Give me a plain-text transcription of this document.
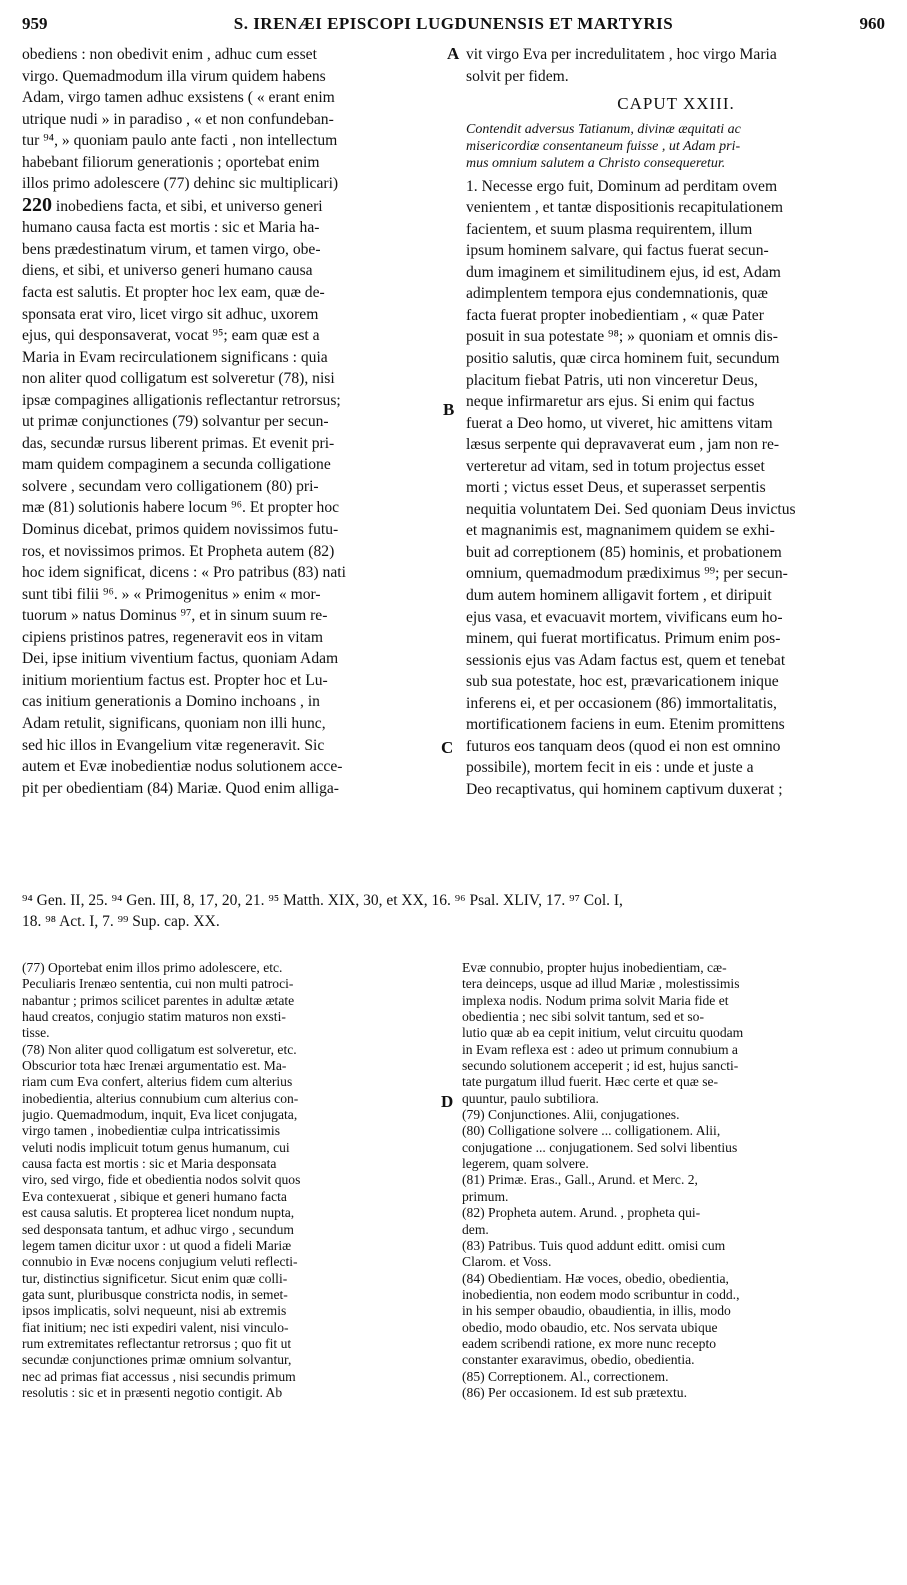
959	S. IRENÆI EPISCOPI LUGDUNENSIS ET MARTYRIS	960
obediens : non obedivit enim , adhuc cum esset
virgo. Quemadmodum illa virum quidem habens
Adam, virgo tamen adhuc exsistens ( « erant enim
utrique nudi » in paradiso , « et non confundeban-
tur ⁹⁴, » quoniam paulo ante facti , non intellectum
habebant filiorum generationis ; oportebat enim
illos primo adolescere (77) dehinc sic multiplicari)
220 inobediens facta, et sibi, et universo generi
humano causa facta est mortis : sic et Maria ha-
bens prædestinatum virum, et tamen virgo, obe-
diens, et sibi, et universo generi humano causa
facta est salutis. Et propter hoc lex eam, quæ de-
sponsata erat viro, licet virgo sit adhuc, uxorem
ejus, qui desponsaverat, vocat ⁹⁵; eam quæ est a
Maria in Evam recirculationem significans : quia
non aliter quod colligatum est solveretur (78), nisi
ipsæ compagines alligationis reflectantur retrorsus;
ut primæ conjunctiones (79) solvantur per secun-
das, secundæ rursus liberent primas. Et evenit pri-
mam quidem compaginem a secunda colligatione
solvere , secundam vero colligationem (80) pri-
mæ (81) solutionis habere locum ⁹⁶. Et propter hoc
Dominus dicebat, primos quidem novissimos futu-
ros, et novissimos primos. Et Propheta autem (82)
hoc idem significat, dicens : « Pro patribus (83) nati
sunt tibi filii ⁹⁶. » « Primogenitus » enim « mor-
tuorum » natus Dominus ⁹⁷, et in sinum suum re-
cipiens pristinos patres, regeneravit eos in vitam
Dei, ipse initium viventium factus, quoniam Adam
initium morientium factus est. Propter hoc et Lu-
cas initium generationis a Domino inchoans , in
Adam retulit, significans, quoniam non illi hunc,
sed hic illos in Evangelium vitæ regeneravit. Sic
autem et Evæ inobedientiæ nodus solutionem acce-
pit per obedientiam (84) Mariæ. Quod enim alliga-
vit virgo Eva per incredulitatem , hoc virgo Maria
solvit per fidem.
CAPUT XXIII.
Contendit adversus Tatianum, divinæ æquitati ac
misericordiæ consentaneum fuisse , ut Adam pri-
mus omnium salutem a Christo consequeretur.
1. Necesse ergo fuit, Dominum ad perditam ovem
venientem , et tantæ dispositionis recapitulationem
facientem, et suum plasma requirentem, illum
ipsum hominem salvare, qui factus fuerat secun-
dum imaginem et similitudinem ejus, id est, Adam
adimplentem tempora ejus condemnationis, quæ
facta fuerat propter inobedientiam , « quæ Pater
posuit in sua potestate ⁹⁸; » quoniam et omnis dis-
positio salutis, quæ circa hominem fuit, secundum
placitum fiebat Patris, uti non vinceretur Deus,
neque infirmaretur ars ejus. Si enim qui factus
fuerat a Deo homo, ut viveret, hic amittens vitam
læsus serpente qui depravaverat eum , jam non re-
verteretur ad vitam, sed in totum projectus esset
morti ; victus esset Deus, et superasset serpentis
nequitia voluntatem Dei. Sed quoniam Deus invictus
et magnanimis est, magnanimem quidem se exhi-
buit ad correptionem (85) hominis, et probationem
omnium, quemadmodum prædiximus ⁹⁹; per secun-
dum autem hominem alligavit fortem , et diripuit
ejus vasa, et evacuavit mortem, vivificans eum ho-
minem, qui fuerat mortificatus. Primum enim pos-
sessionis ejus vas Adam factus est, quem et tenebat
sub sua potestate, hoc est, prævaricationem inique
inferens ei, et per occasionem (86) immortalitatis,
mortificationem faciens in eum. Etenim promittens
futuros eos tanquam deos (quod ei non est omnino
possibile), mortem fecit in eis : unde et juste a
Deo recaptivatus, qui hominem captivum duxerat ;
A
B
C
D
⁹⁴ Gen. II, 25. ⁹⁴ Gen. III, 8, 17, 20, 21. ⁹⁵ Matth. XIX, 30, et XX, 16. ⁹⁶ Psal. XLIV, 17. ⁹⁷ Col. I,
18. ⁹⁸ Act. I, 7. ⁹⁹ Sup. cap. XX.
(77) Oportebat enim illos primo adolescere, etc.
Peculiaris Irenæo sententia, cui non multi patroci-
nabantur ; primos scilicet parentes in adultæ ætate
haud creatos, conjugio statim maturos non exsti-
tisse.
(78) Non aliter quod colligatum est solveretur, etc.
Obscurior tota hæc Irenæi argumentatio est. Ma-
riam cum Eva confert, alterius fidem cum alterius
inobedientia, alterius connubium cum alterius con-
jugio. Quemadmodum, inquit, Eva licet conjugata,
virgo tamen , inobedientiæ culpa intricatissimis
veluti nodis implicuit totum genus humanum, cui
causa facta est mortis : sic et Maria desponsata
viro, sed virgo, fide et obedientia nodos solvit quos
Eva contexuerat , sibique et generi humano facta
est causa salutis. Et propterea licet nondum nupta,
sed desponsata tantum, et adhuc virgo , secundum
legem tamen dicitur uxor : ut quod a fideli Mariæ
connubio in Evæ nocens conjugium veluti reflecti-
tur, distinctius significetur. Sicut enim quæ colli-
gata sunt, pluribusque constricta nodis, in semet-
ipsos implicatis, solvi nequeunt, nisi ab extremis
fiat initium; nec isti expediri valent, nisi vinculo-
rum extremitates reflectantur retrorsus ; quo fit ut
secundæ conjunctiones primæ omnium solvantur,
nec ad primas fiat accessus , nisi secundis primum
resolutis : sic et in præsenti negotio contigit. Ab
Evæ connubio, propter hujus inobedientiam, cæ-
tera deinceps, usque ad illud Mariæ , molestissimis
implexa nodis. Nodum prima solvit Maria fide et
obedientia ; nec sibi solvit tantum, sed et so-
lutio quæ ab ea cepit initium, velut circuitu quodam
in Evam reflexa est : adeo ut primum connubium a
secundo solutionem acceperit ; id est, hujus sancti-
tate purgatum illud fuerit. Hæc certe et quæ se-
quuntur, paulo subtiliora.
(79) Conjunctiones. Alii, conjugationes.
(80) Colligatione solvere ... colligationem. Alii,
conjugatione ... conjugationem. Sed solvi libentius
legerem, quam solvere.
(81) Primæ. Eras., Gall., Arund. et Merc. 2,
primum.
(82) Propheta autem. Arund. , propheta qui-
dem.
(83) Patribus. Tuis quod addunt editt. omisi cum
Clarom. et Voss.
(84) Obedientiam. Hæ voces, obedio, obedientia,
inobedientia, non eodem modo scribuntur in codd.,
in his semper obaudio, obaudientia, in illis, modo
obedio, modo obaudio, etc. Nos servata ubique
eadem scribendi ratione, ex more nunc recepto
constanter exaravimus, obedio, obedientia.
(85) Correptionem. Al., correctionem.
(86) Per occasionem. Id est sub prætextu.
